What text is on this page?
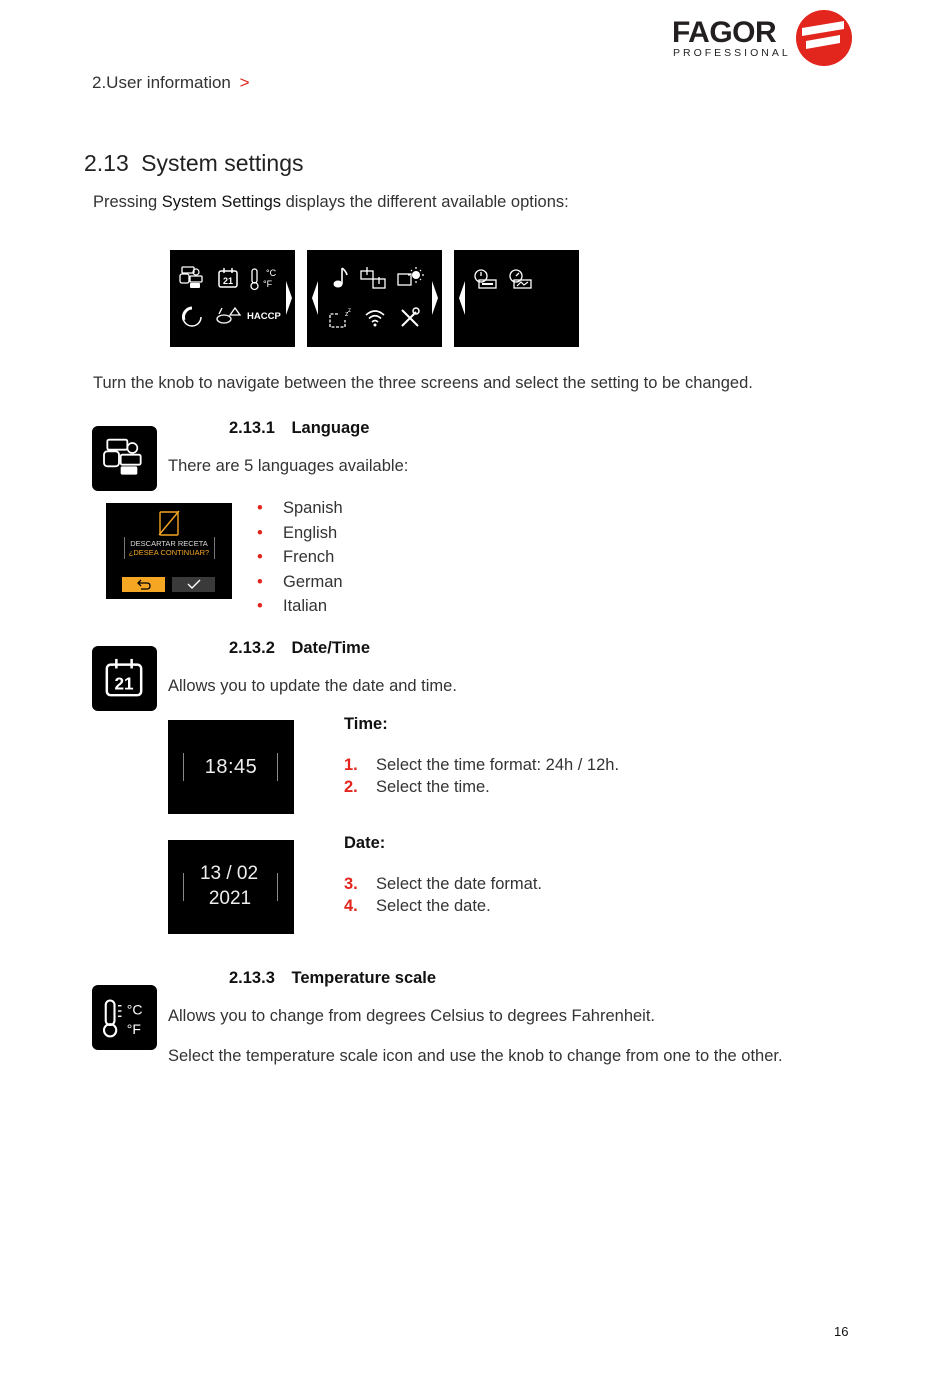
FAGOR
PROFESSIONAL
2.User information >
2.13 System settings
Pressing System Settings displays the different available options:
21
°C
°F
HACCP	z z
Turn the knob to navigate between the three screens and select the setting to be changed.
2.13.1 Language
There are 5 languages available:
DESCARTAR RECETA
¿DESEA CONTINUAR?
• Spanish
• English
• French
• German
• Italian
21
2.13.2 Date/Time
Allows you to update the date and time.
18:45
Time:
1. Select the time format: 24h / 12h.
2. Select the time.
13 / 02
2021
Date:
3. Select the date format.
4. Select the date.
°C
°F
2.13.3 Temperature scale
Allows you to change from degrees Celsius to degrees Fahrenheit.
Select the temperature scale icon and use the knob to change from one to the other.
16
